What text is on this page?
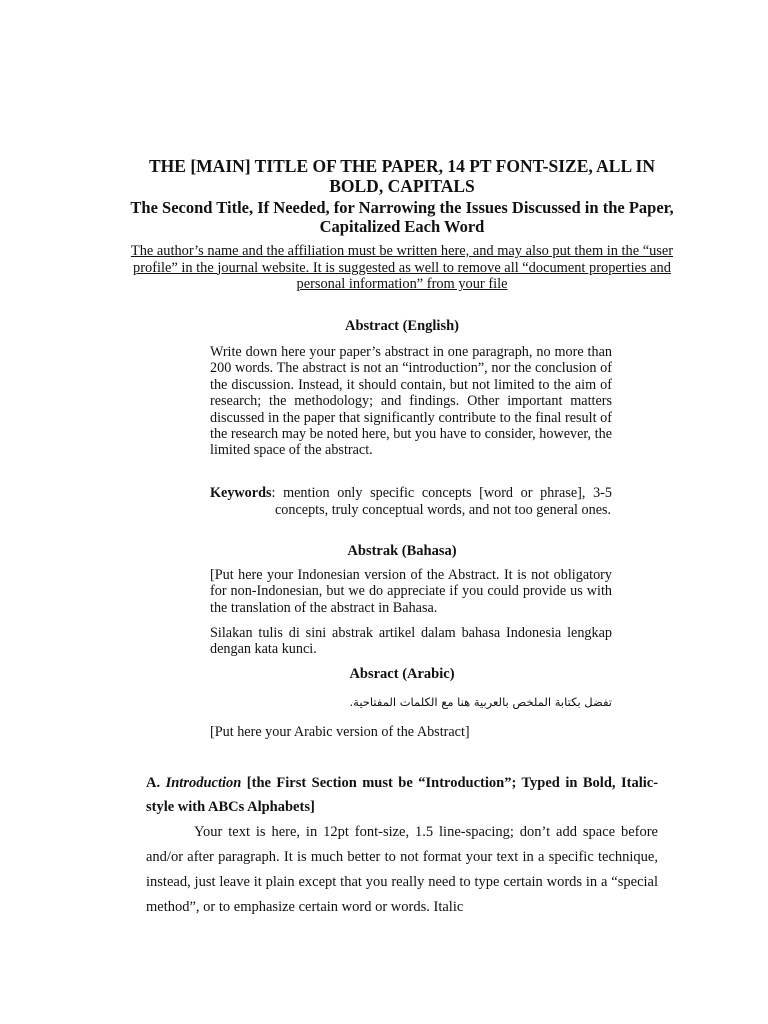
THE [MAIN] TITLE OF THE PAPER, 14 PT FONT-SIZE, ALL IN BOLD, CAPITALS

The Second Title, If Needed, for Narrowing the Issues Discussed in the Paper, Capitalized Each Word

The author’s name and the affiliation must be written here, and may also put them in the “user profile” in the journal website. It is suggested as well to remove all “document properties and personal information” from your file

Abstract (English)

Write down here your paper’s abstract in one paragraph, no more than 200 words. The abstract is not an “introduction”, nor the conclusion of the discussion. Instead, it should contain, but not limited to the aim of research; the methodology; and findings. Other important matters discussed in the paper that significantly contribute to the final result of the research may be noted here, but you have to consider, however, the limited space of the abstract.

Keywords: mention only specific concepts [word or phrase], 3-5 concepts, truly conceptual words, and not too general ones.

Abstrak (Bahasa)

[Put here your Indonesian version of the Abstract. It is not obligatory for non-Indonesian, but we do appreciate if you could provide us with the translation of the abstract in Bahasa.

Silakan tulis di sini abstrak artikel dalam bahasa Indonesia lengkap dengan kata kunci.

Absract (Arabic)

تفضل بكتابة الملخص بالعربية هنا مع الكلمات المفتاحية.

[Put here your Arabic version of the Abstract]

A. Introduction [the First Section must be “Introduction”; Typed in Bold, Italic-style with ABCs Alphabets]

Your text is here, in 12pt font-size, 1.5 line-spacing; don’t add space before and/or after paragraph. It is much better to not format your text in a specific technique, instead, just leave it plain except that you really need to type certain words in a “special method”, or to emphasize certain word or words. Italic
